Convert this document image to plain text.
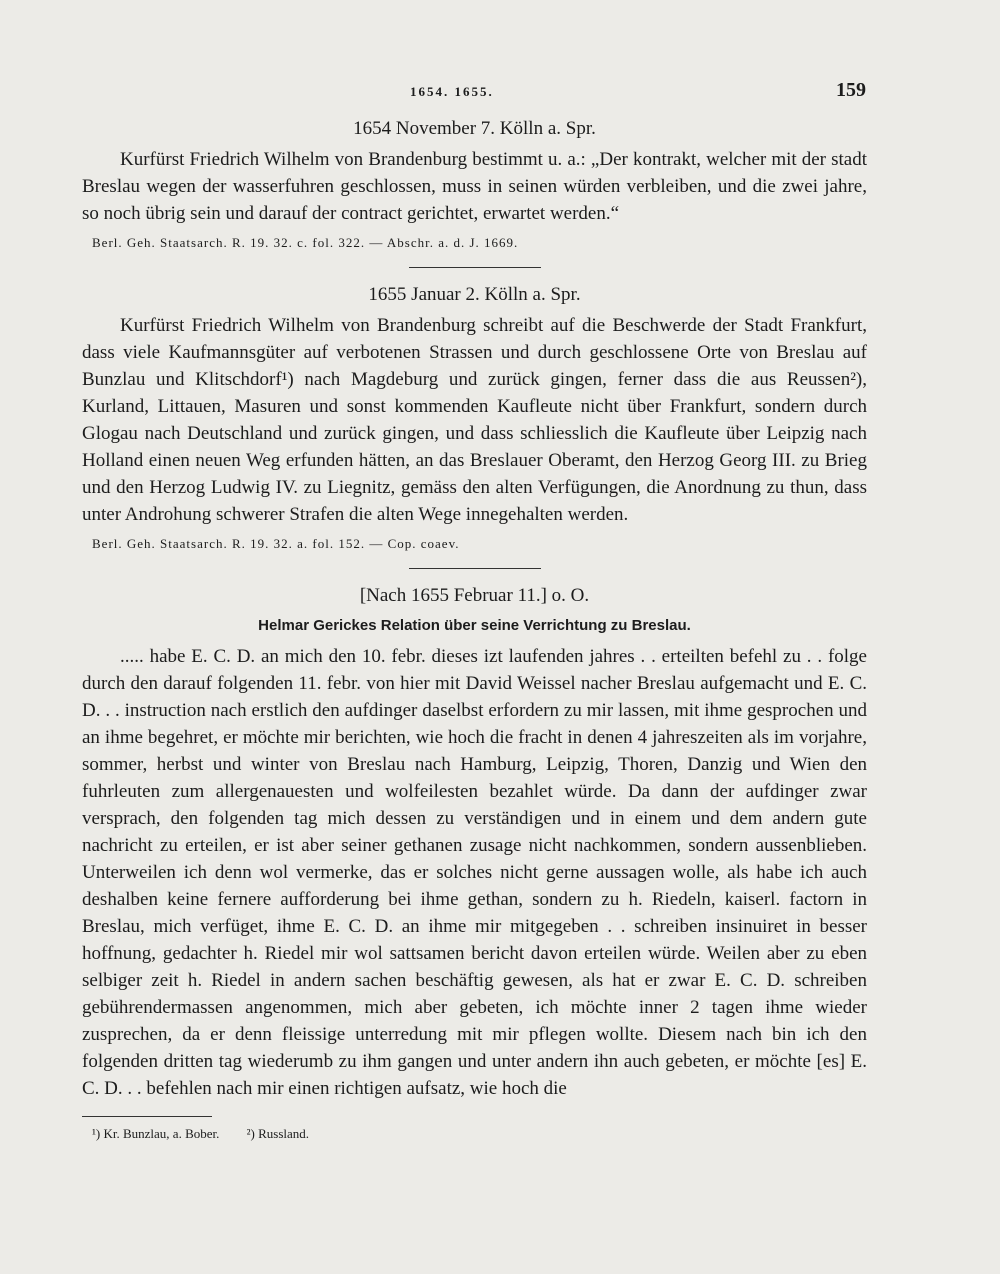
1654. 1655.	159
1654 November 7. Kölln a. Spr.

Kurfürst Friedrich Wilhelm von Brandenburg bestimmt u. a.: „Der kontrakt, welcher mit der stadt Breslau wegen der wasserfuhren geschlossen, muss in seinen würden verbleiben, und die zwei jahre, so noch übrig sein und darauf der contract gerichtet, erwartet werden.“

Berl. Geh. Staatsarch. R. 19. 32. c. fol. 322. — Abschr. a. d. J. 1669.
1655 Januar 2. Kölln a. Spr.

Kurfürst Friedrich Wilhelm von Brandenburg schreibt auf die Beschwerde der Stadt Frankfurt, dass viele Kaufmannsgüter auf verbotenen Strassen und durch geschlossene Orte von Breslau auf Bunzlau und Klitschdorf¹) nach Magdeburg und zurück gingen, ferner dass die aus Reussen²), Kurland, Littauen, Masuren und sonst kommenden Kaufleute nicht über Frankfurt, sondern durch Glogau nach Deutschland und zurück gingen, und dass schliesslich die Kaufleute über Leipzig nach Holland einen neuen Weg erfunden hätten, an das Breslauer Oberamt, den Herzog Georg III. zu Brieg und den Herzog Ludwig IV. zu Liegnitz, gemäss den alten Verfügungen, die Anordnung zu thun, dass unter Androhung schwerer Strafen die alten Wege innegehalten werden.

Berl. Geh. Staatsarch. R. 19. 32. a. fol. 152. — Cop. coaev.
[Nach 1655 Februar 11.] o. O.
Helmar Gerickes Relation über seine Verrichtung zu Breslau.

..... habe E. C. D. an mich den 10. febr. dieses izt laufenden jahres . . erteilten befehl zu . . folge durch den darauf folgenden 11. febr. von hier mit David Weissel nacher Breslau aufgemacht und E. C. D. . . instruction nach erstlich den aufdinger daselbst erfordern zu mir lassen, mit ihme gesprochen und an ihme begehret, er möchte mir berichten, wie hoch die fracht in denen 4 jahreszeiten als im vorjahre, sommer, herbst und winter von Breslau nach Hamburg, Leipzig, Thoren, Danzig und Wien den fuhrleuten zum allergenauesten und wolfeilesten bezahlet würde. Da dann der aufdinger zwar versprach, den folgenden tag mich dessen zu verständigen und in einem und dem andern gute nachricht zu erteilen, er ist aber seiner gethanen zusage nicht nachkommen, sondern aussenblieben. Unterweilen ich denn wol vermerke, das er solches nicht gerne aussagen wolle, als habe ich auch deshalben keine fernere aufforderung bei ihme gethan, sondern zu h. Riedeln, kaiserl. factorn in Breslau, mich verfüget, ihme E. C. D. an ihme mir mitgegeben . . schreiben insinuiret in besser hoffnung, gedachter h. Riedel mir wol sattsamen bericht davon erteilen würde. Weilen aber zu eben selbiger zeit h. Riedel in andern sachen beschäftig gewesen, als hat er zwar E. C. D. schreiben gebührendermassen angenommen, mich aber gebeten, ich möchte inner 2 tagen ihme wieder zusprechen, da er denn fleissige unterredung mit mir pflegen wollte. Diesem nach bin ich den folgenden dritten tag wiederumb zu ihm gangen und unter andern ihn auch gebeten, er möchte [es] E. C. D. . . befehlen nach mir einen richtigen aufsatz, wie hoch die

¹) Kr. Bunzlau, a. Bober. ²) Russland.
